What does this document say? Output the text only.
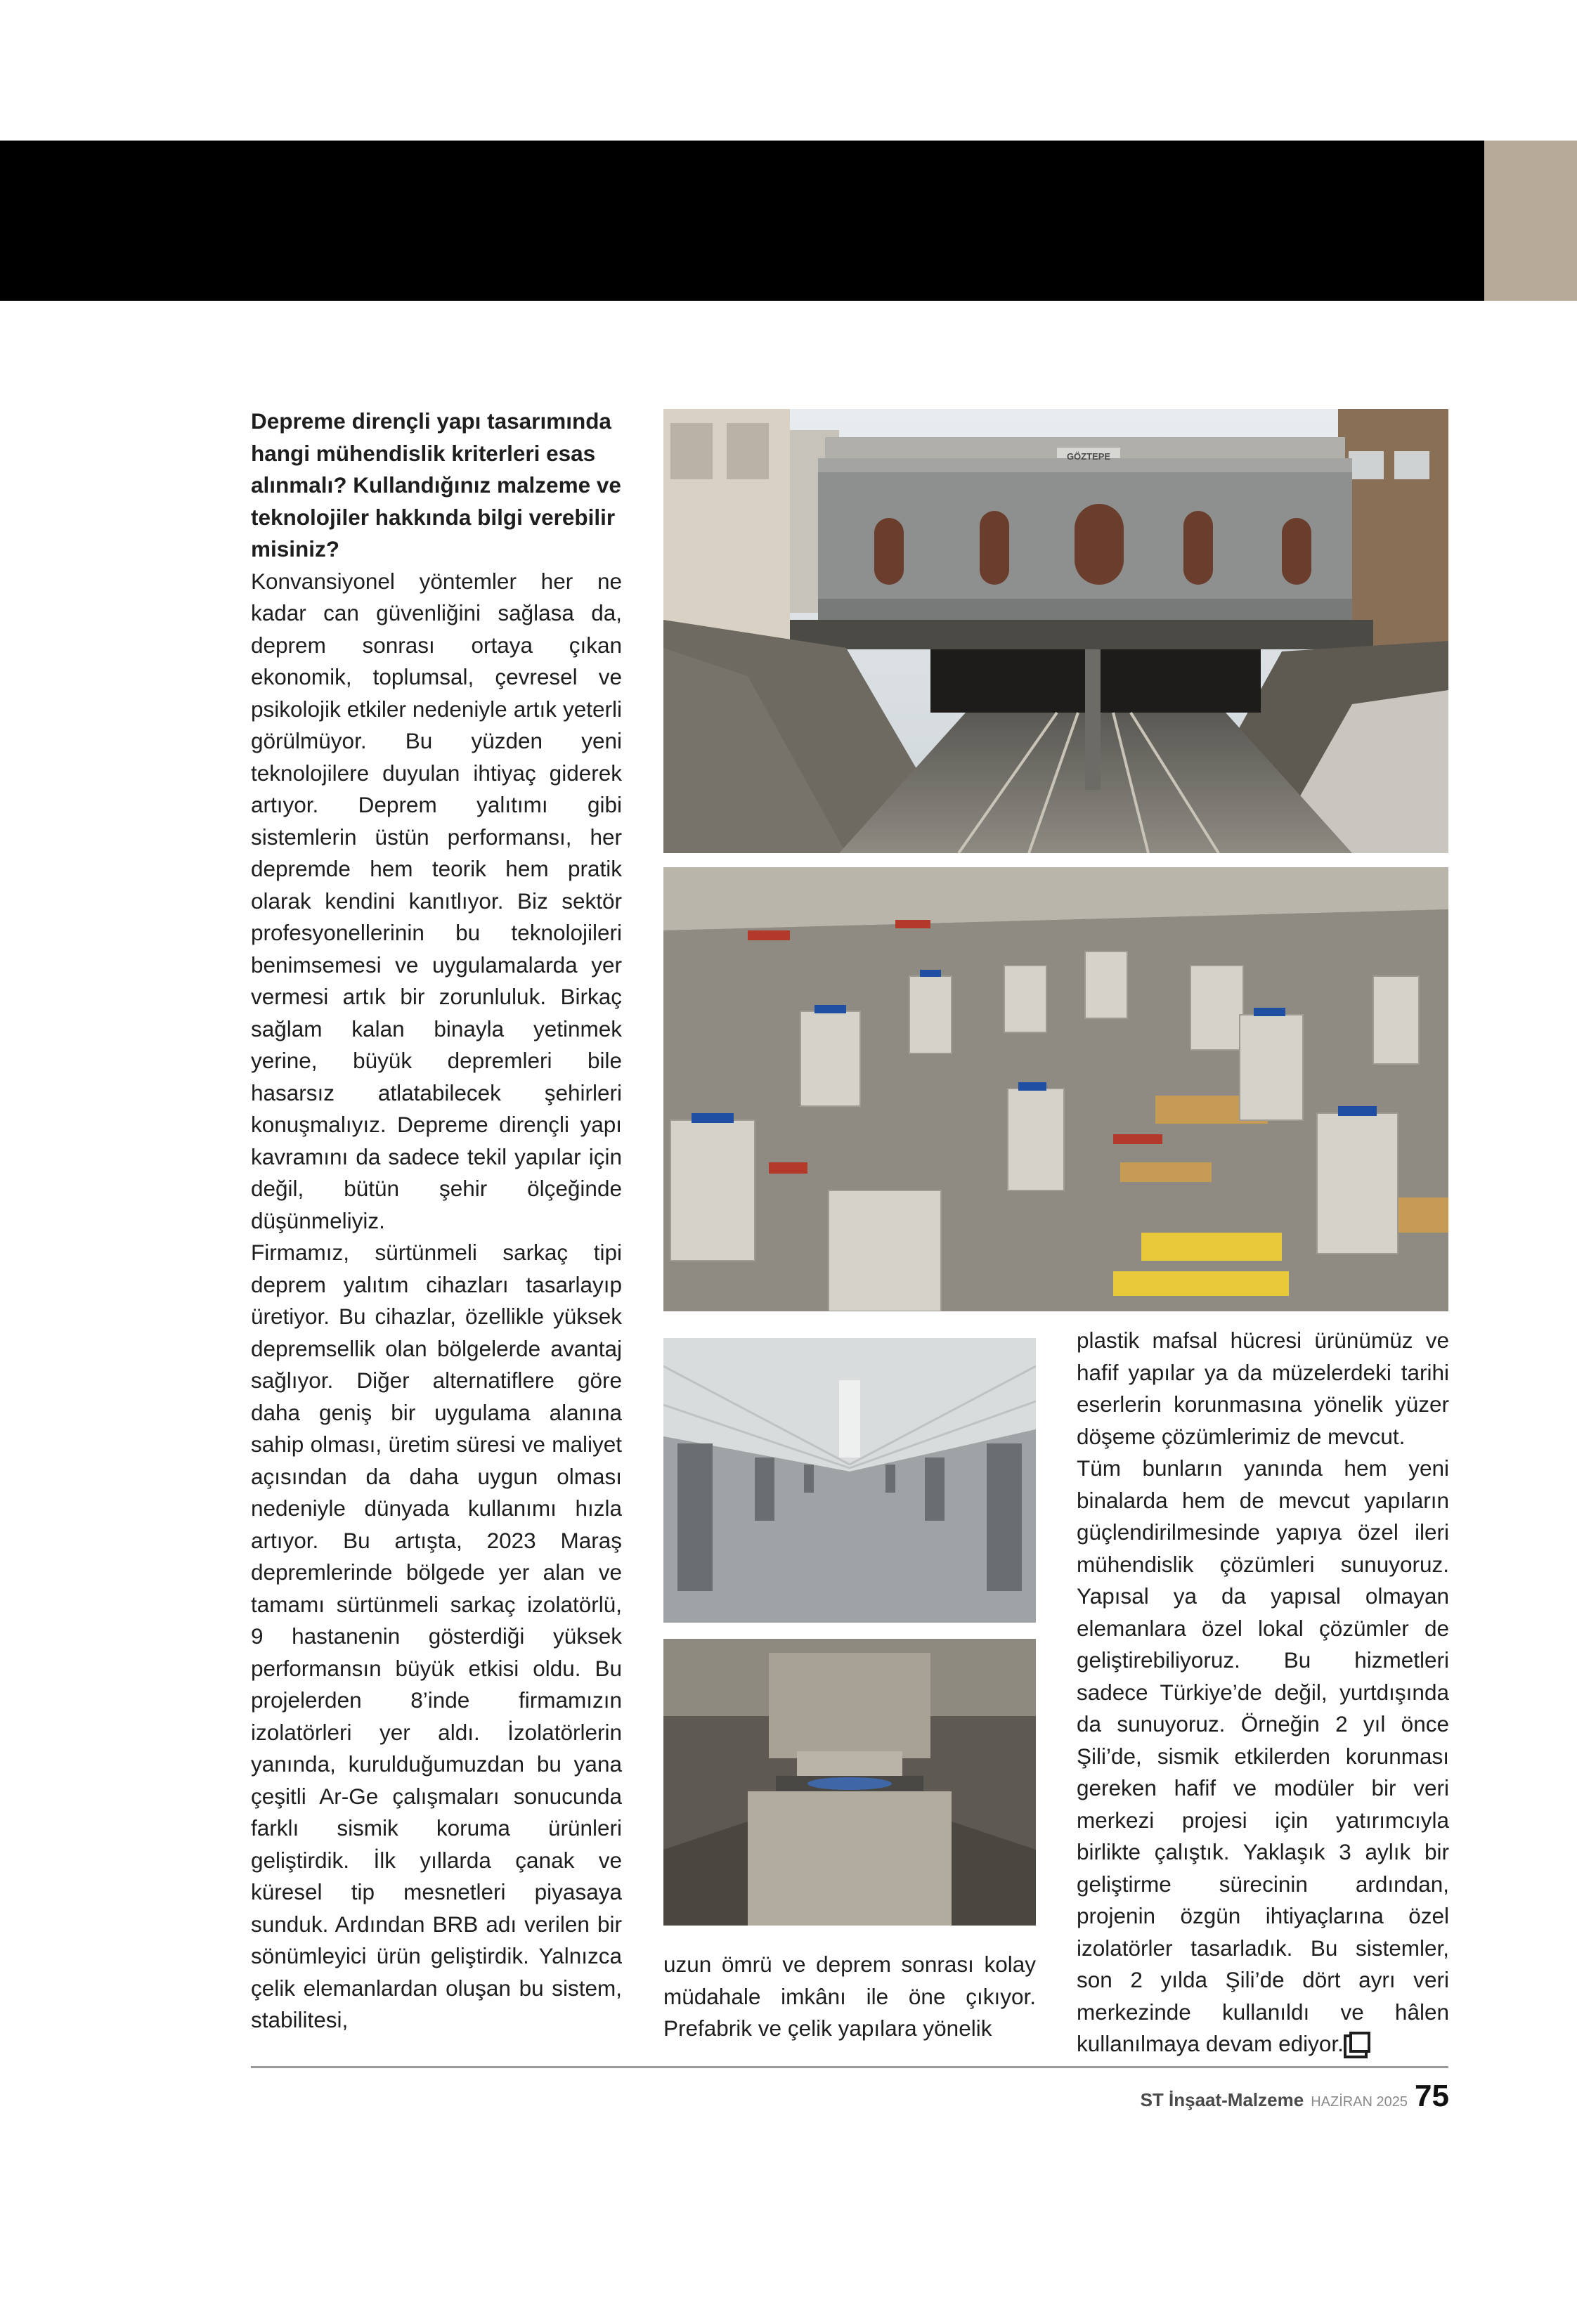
Depreme dirençli yapı tasarımında hangi mühendislik kriterleri esas alınmalı? Kullandığınız malzeme ve teknolojiler hakkında bilgi verebilir misiniz?

Konvansiyonel yöntemler her ne kadar can güvenliğini sağlasa da, deprem sonrası ortaya çıkan ekonomik, toplumsal, çevresel ve psikolojik etkiler nedeniyle artık yeterli görülmüyor. Bu yüzden yeni teknolojilere duyulan ihtiyaç giderek artıyor. Deprem yalıtımı gibi sistemlerin üstün performansı, her depremde hem teorik hem pratik olarak kendini kanıtlıyor. Biz sektör profesyonellerinin bu teknolojileri benimsemesi ve uygulamalarda yer vermesi artık bir zorunluluk. Birkaç sağlam kalan binayla yetinmek yerine, büyük depremleri bile hasarsız atlatabilecek şehirleri konuşmalıyız. Depreme dirençli yapı kavramını da sadece tekil yapılar için değil, bütün şehir ölçeğinde düşünmeliyiz.

Firmamız, sürtünmeli sarkaç tipi deprem yalıtım cihazları tasarlayıp üretiyor. Bu cihazlar, özellikle yüksek depremsellik olan bölgelerde avantaj sağlıyor. Diğer alternatiflere göre daha geniş bir uygulama alanına sahip olması, üretim süresi ve maliyet açısından da daha uygun olması nedeniyle dünyada kullanımı hızla artıyor. Bu artışta, 2023 Maraş depremlerinde bölgede yer alan ve tamamı sürtünmeli sarkaç izolatörlü, 9 hastanenin gösterdiği yüksek performansın büyük etkisi oldu. Bu projelerden 8’inde firmamızın izolatörleri yer aldı. İzolatörlerin yanında, kurulduğumuzdan bu yana çeşitli Ar-Ge çalışmaları sonucunda farklı sismik koruma ürünleri geliştirdik. İlk yıllarda çanak ve küresel tip mesnetleri piyasaya sunduk. Ardından BRB adı verilen bir sönümleyici ürün geliştirdik. Yalnızca çelik elemanlardan oluşan bu sistem, stabilitesi,

GÖZTEPE

uzun ömrü ve deprem sonrası kolay müdahale imkânı ile öne çıkıyor. Prefabrik ve çelik yapılara yönelik

plastik mafsal hücresi ürünümüz ve hafif yapılar ya da müzelerdeki tarihi eserlerin korunmasına yönelik yüzer döşeme çözümlerimiz de mevcut.

Tüm bunların yanında hem yeni binalarda hem de mevcut yapıların güçlendirilmesinde yapıya özel ileri mühendislik çözümleri sunuyoruz. Yapısal ya da yapısal olmayan elemanlara özel lokal çözümler de geliştirebiliyoruz. Bu hizmetleri sadece Türkiye’de değil, yurtdışında da sunuyoruz. Örneğin 2 yıl önce Şili’de, sismik etkilerden korunması gereken hafif ve modüler bir veri merkezi projesi için yatırımcıyla birlikte çalıştık. Yaklaşık 3 aylık bir geliştirme sürecinin ardından, projenin özgün ihtiyaçlarına özel izolatörler tasarladık. Bu sistemler, son 2 yılda Şili’de dört ayrı veri merkezinde kullanıldı ve hâlen kullanılmaya devam ediyor.

ST İnşaat-Malzeme HAZİRAN 2025 75
